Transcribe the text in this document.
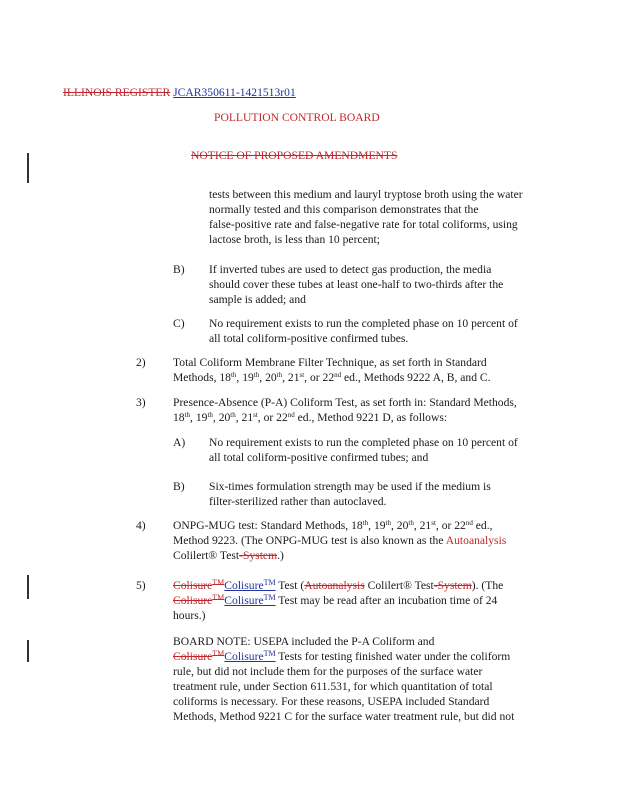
ILLINOIS REGISTER JCAR350611-1421513r01
POLLUTION CONTROL BOARD
NOTICE OF PROPOSED AMENDMENTS
tests between this medium and lauryl tryptose broth using the water
normally tested and this comparison demonstrates that the
false-positive rate and false-negative rate for total coliforms, using
lactose broth, is less than 10 percent;
B) If inverted tubes are used to detect gas production, the media
should cover these tubes at least one-half to two-thirds after the
sample is added; and
C) No requirement exists to run the completed phase on 10 percent of
all total coliform-positive confirmed tubes.
2) Total Coliform Membrane Filter Technique, as set forth in Standard
Methods, 18th, 19th, 20th, 21st, or 22nd ed., Methods 9222 A, B, and C.
3) Presence-Absence (P-A) Coliform Test, as set forth in: Standard Methods,
18th, 19th, 20th, 21st, or 22nd ed., Method 9221 D, as follows:
A) No requirement exists to run the completed phase on 10 percent of
all total coliform-positive confirmed tubes; and
B) Six-times formulation strength may be used if the medium is
filter-sterilized rather than autoclaved.
4) ONPG-MUG test: Standard Methods, 18th, 19th, 20th, 21st, or 22nd ed.,
Method 9223. (The ONPG-MUG test is also known as the Autoanalysis
Colilert® Test-System.)
5) Colisure™Colisure™ Test (Autoanalysis Colilert® Test-System). (The
Colisure™Colisure™ Test may be read after an incubation time of 24
hours.)
BOARD NOTE: USEPA included the P-A Coliform and
Colisure™Colisure™ Tests for testing finished water under the coliform
rule, but did not include them for the purposes of the surface water
treatment rule, under Section 611.531, for which quantitation of total
coliforms is necessary. For these reasons, USEPA included Standard
Methods, Method 9221 C for the surface water treatment rule, but did not
